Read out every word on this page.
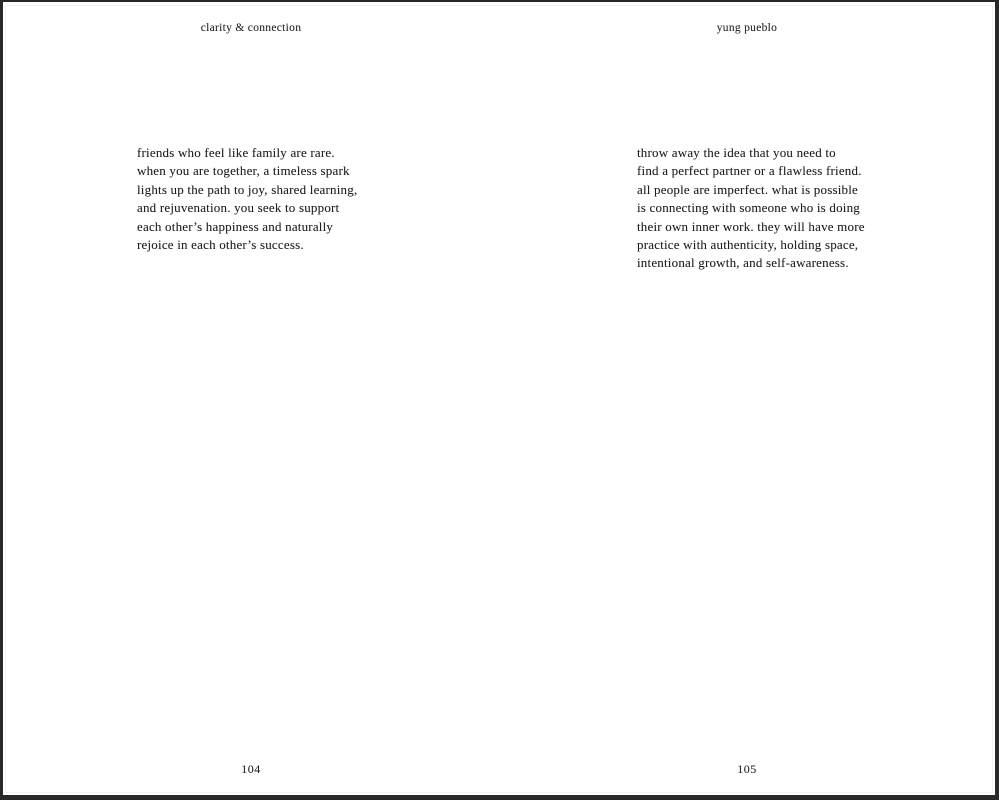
clarity & connection
friends who feel like family are rare.
when you are together, a timeless spark
lights up the path to joy, shared learning,
and rejuvenation. you seek to support
each other’s happiness and naturally
rejoice in each other’s success.
104
yung pueblo
throw away the idea that you need to
find a perfect partner or a flawless friend.
all people are imperfect. what is possible
is connecting with someone who is doing
their own inner work. they will have more
practice with authenticity, holding space,
intentional growth, and self-awareness.
105
